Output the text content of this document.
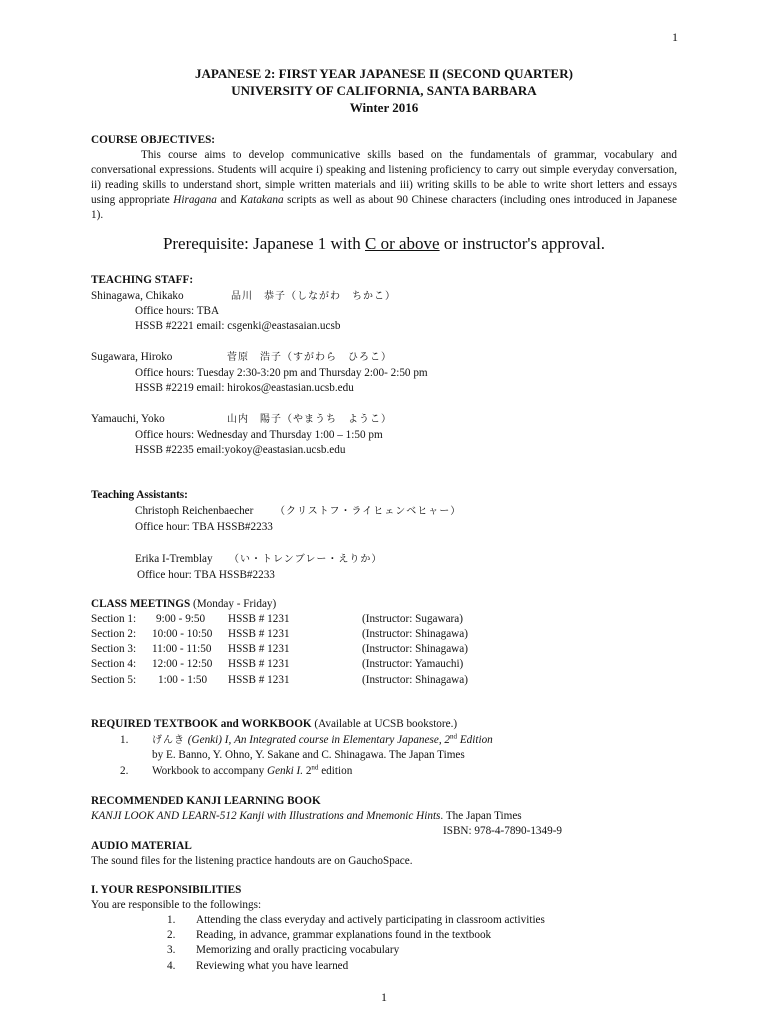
1
JAPANESE 2: FIRST YEAR JAPANESE II (SECOND QUARTER)
UNIVERSITY OF CALIFORNIA, SANTA BARBARA
Winter 2016
COURSE OBJECTIVES:
This course aims to develop communicative skills based on the fundamentals of grammar, vocabulary and conversational expressions. Students will acquire i) speaking and listening proficiency to carry out simple everyday conversation, ii) reading skills to understand short, simple written materials and iii) writing skills to be able to write short letters and essays using appropriate Hiragana and Katakana scripts as well as about 90 Chinese characters (including ones introduced in Japanese 1).
Prerequisite: Japanese 1 with C or above or instructor's approval.
TEACHING STAFF:
Shinagawa, Chikako	品川　恭子（しながわ　ちかこ）
Office hours: TBA
HSSB #2221 email: csgenki@eastasaian.ucsb
Sugawara, Hiroko	菅原　浩子（すがわら　ひろこ）
Office hours: Tuesday 2:30-3:20 pm and Thursday 2:00- 2:50 pm
HSSB #2219 email: hirokos@eastasian.ucsb.edu
Yamauchi, Yoko	山内　陽子（やまうち　ようこ）
Office hours: Wednesday and Thursday 1:00 – 1:50 pm
HSSB #2235 email:yokoy@eastasian.ucsb.edu
Teaching Assistants:
Christoph Reichenbaecher （クリストフ・ライヒェンベヒャー）
Office hour: TBA HSSB#2233
Erika I-Tremblay （い・トレンブレー・えりか）
Office hour: TBA HSSB#2233
CLASS MEETINGS (Monday - Friday)
Section 1: 9:00 - 9:50 HSSB # 1231	(Instructor: Sugawara)
Section 2: 10:00 - 10:50 HSSB # 1231	(Instructor: Shinagawa)
Section 3: 11:00 - 11:50 HSSB # 1231	(Instructor: Shinagawa)
Section 4: 12:00 - 12:50 HSSB # 1231	(Instructor: Yamauchi)
Section 5: 1:00 - 1:50 HSSB # 1231	(Instructor: Shinagawa)
REQUIRED TEXTBOOK and WORKBOOK (Available at UCSB bookstore.)
1. げんき (Genki) I, An Integrated course in Elementary Japanese, 2nd Edition
by E. Banno, Y. Ohno, Y. Sakane and C. Shinagawa. The Japan Times
2. Workbook to accompany Genki I. 2nd edition
RECOMMENDED KANJI LEARNING BOOK
KANJI LOOK AND LEARN-512 Kanji with Illustrations and Mnemonic Hints. The Japan Times
ISBN: 978-4-7890-1349-9
AUDIO MATERIAL
The sound files for the listening practice handouts are on GauchoSpace.
I. YOUR RESPONSIBILITIES
You are responsible to the followings:
1. Attending the class everyday and actively participating in classroom activities
2. Reading, in advance, grammar explanations found in the textbook
3. Memorizing and orally practicing vocabulary
4. Reviewing what you have learned
1
